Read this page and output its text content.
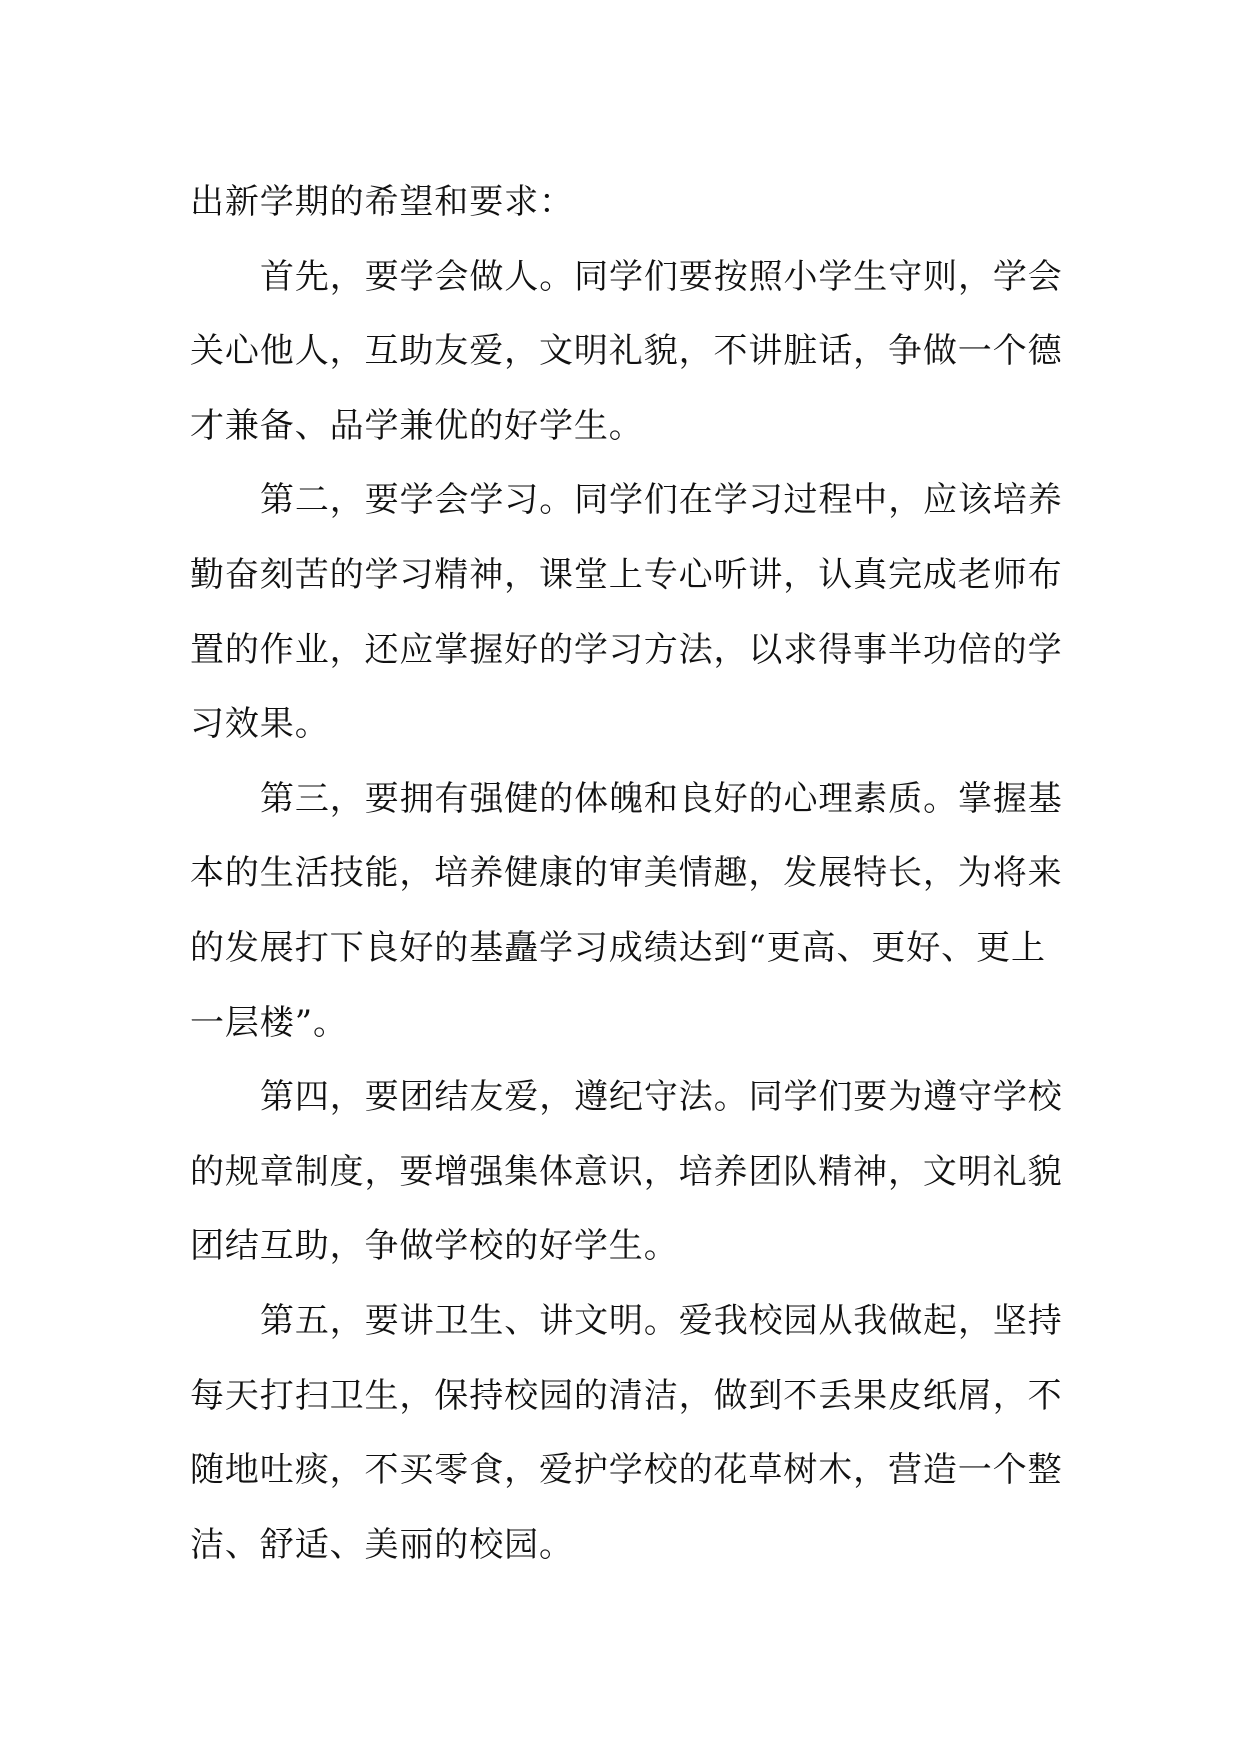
出新学期的希望和要求：
首先，要学会做人。同学们要按照小学生守则，学会
关心他人，互助友爱，文明礼貌，不讲脏话，争做一个德
才兼备、品学兼优的好学生。
第二，要学会学习。同学们在学习过程中，应该培养
勤奋刻苦的学习精神，课堂上专心听讲，认真完成老师布
置的作业，还应掌握好的学习方法，以求得事半功倍的学
习效果。
第三，要拥有强健的体魄和良好的心理素质。掌握基
本的生活技能，培养健康的审美情趣，发展特长，为将来
的发展打下良好的基矗学习成绩达到“更高、更好、更上
一层楼”。
第四，要团结友爱，遵纪守法。同学们要为遵守学校
的规章制度，要增强集体意识，培养团队精神，文明礼貌
团结互助，争做学校的好学生。
第五，要讲卫生、讲文明。爱我校园从我做起，坚持
每天打扫卫生，保持校园的清洁，做到不丢果皮纸屑，不
随地吐痰，不买零食，爱护学校的花草树木，营造一个整
洁、舒适、美丽的校园。
